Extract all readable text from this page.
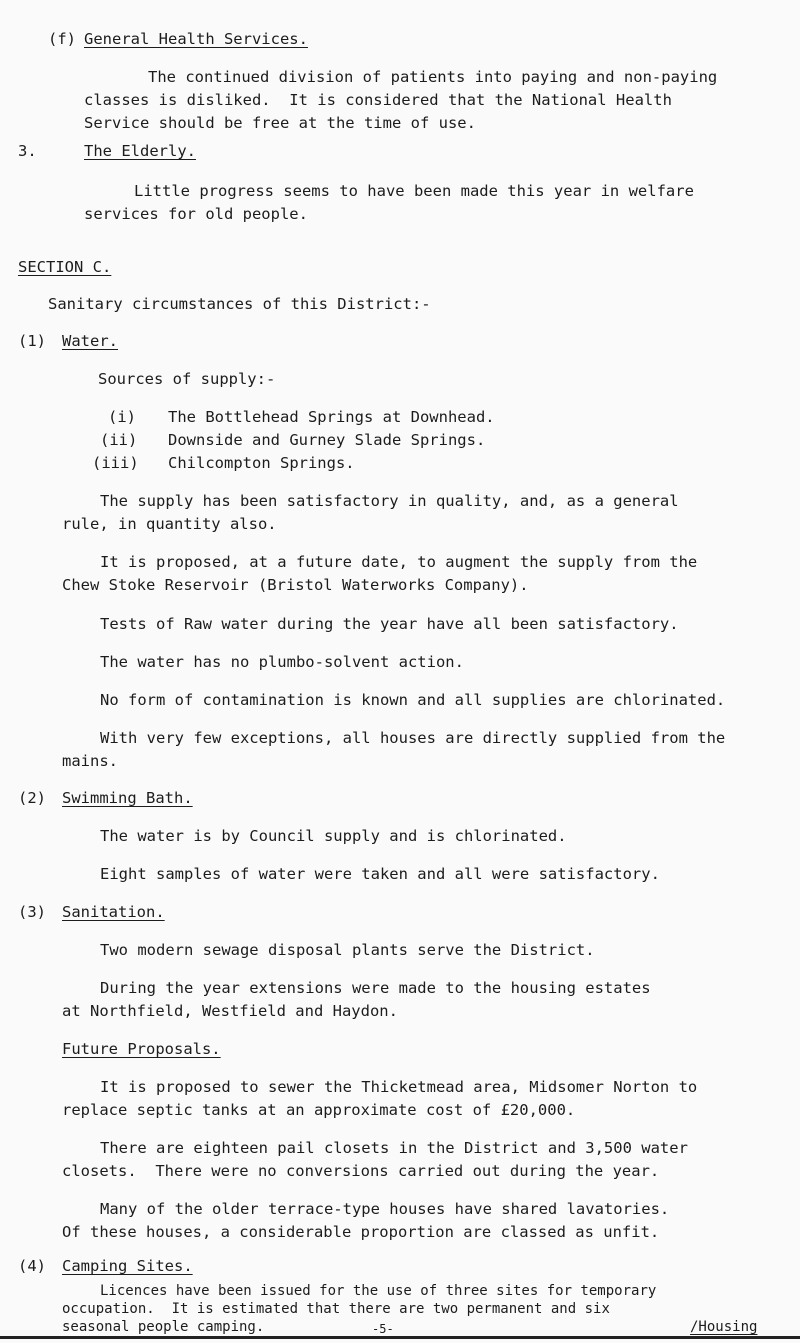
(f) General Health Services.
The continued division of patients into paying and non-paying
classes is disliked.  It is considered that the National Health
Service should be free at the time of use.
3.	The Elderly.
Little progress seems to have been made this year in welfare
services for old people.
SECTION C.
Sanitary circumstances of this District:-
(1) Water.
Sources of supply:-
(i) The Bottlehead Springs at Downhead.
(ii) Downside and Gurney Slade Springs.
(iii) Chilcompton Springs.
The supply has been satisfactory in quality, and, as a general
rule, in quantity also.
It is proposed, at a future date, to augment the supply from the
Chew Stoke Reservoir (Bristol Waterworks Company).
Tests of Raw water during the year have all been satisfactory.
The water has no plumbo-solvent action.
No form of contamination is known and all supplies are chlorinated.
With very few exceptions, all houses are directly supplied from the
mains.
(2) Swimming Bath.
The water is by Council supply and is chlorinated.
Eight samples of water were taken and all were satisfactory.
(3) Sanitation.
Two modern sewage disposal plants serve the District.
During the year extensions were made to the housing estates
at Northfield, Westfield and Haydon.
Future Proposals.
It is proposed to sewer the Thicketmead area, Midsomer Norton to
replace septic tanks at an approximate cost of £20,000.
There are eighteen pail closets in the District and 3,500 water
closets.  There were no conversions carried out during the year.
Many of the older terrace-type houses have shared lavatories.
Of these houses, a considerable proportion are classed as unfit.
(4) Camping Sites.
Licences have been issued for the use of three sites for temporary
occupation.  It is estimated that there are two permanent and six
seasonal people camping.	/Housing
-5-
